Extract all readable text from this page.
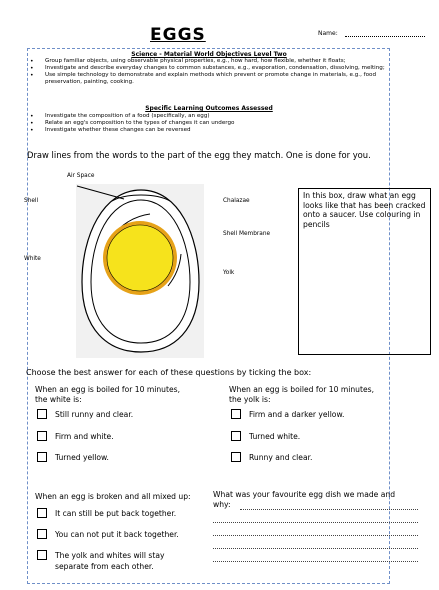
EGGS	Name:
Science - Material World Objectives Level Two
• Group familiar objects, using observable physical properties, e.g., how hard, how flexible, whether it floats;
• Investigate and describe everyday changes to common substances, e.g., evaporation, condensation, dissolving, melting;
• Use simple technology to demonstrate and explain methods which prevent or promote change in materials, e.g., food preservation, painting, cooking.
Specific Learning Outcomes Assessed
• Investigate the composition of a food (specifically, an egg)
• Relate an egg's composition to the types of changes it can undergo
• Investigate whether these changes can be reversed
Draw lines from the words to the part of the egg they match. One is done for you.
Air Space
Shell
White
Chalazae
Shell Membrane
Yolk
In this box, draw what an egg looks like that has been cracked onto a saucer. Use colouring in pencils
Choose the best answer for each of these questions by ticking the box:
When an egg is boiled for 10 minutes,
the white is:
Still runny and clear.
Firm and white.
Turned yellow.
When an egg is boiled for 10 minutes,
the yolk is:
Firm and a darker yellow.
Turned white.
Runny and clear.
When an egg is broken and all mixed up:
It can still be put back together.
You can not put it back together.
The yolk and whites will stay
separate from each other.
What was your favourite egg dish we made and
why:
